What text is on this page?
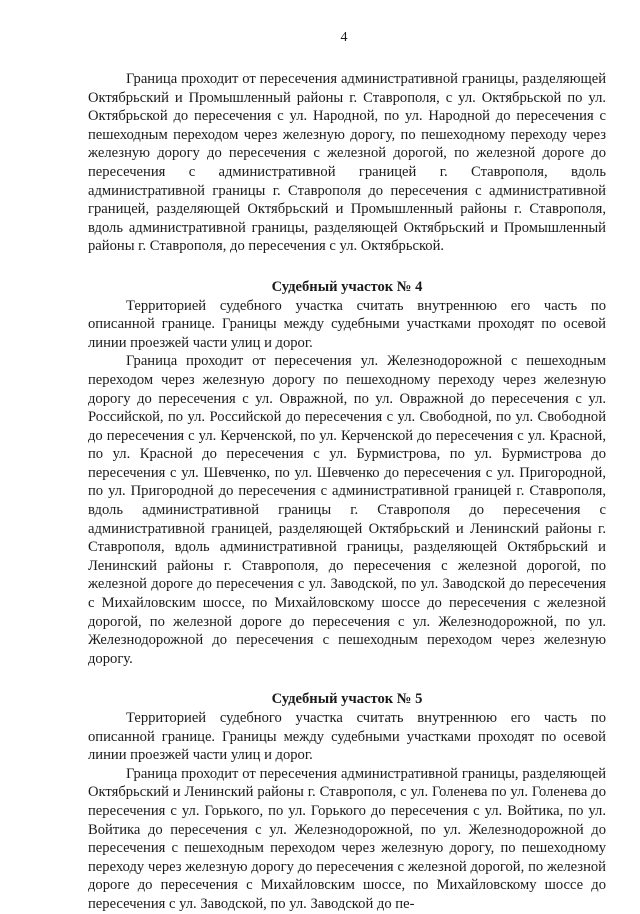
4

Граница проходит от пересечения административной границы, разделяющей Октябрьский и Промышленный районы г. Ставрополя, с ул. Октябрьской по ул. Октябрьской до пересечения с ул. Народной, по ул. Народной до пересечения с пешеходным переходом через железную дорогу, по пешеходному переходу через железную дорогу до пересечения с железной дорогой, по железной дороге до пересечения с административной границей г. Ставрополя, вдоль административной границы г. Ставрополя до пересечения с административной границей, разделяющей Октябрьский и Промышленный районы г. Ставрополя, вдоль административной границы, разделяющей Октябрьский и Промышленный районы г. Ставрополя, до пересечения с ул. Октябрьской.

Судебный участок № 4

Территорией судебного участка считать внутреннюю его часть по описанной границе. Границы между судебными участками проходят по осевой линии проезжей части улиц и дорог.

Граница проходит от пересечения ул. Железнодорожной с пешеходным переходом через железную дорогу по пешеходному переходу через железную дорогу до пересечения с ул. Овражной, по ул. Овражной до пересечения с ул. Российской, по ул. Российской до пересечения с ул. Свободной, по ул. Свободной до пересечения с ул. Керченской, по ул. Керченской до пересечения с ул. Красной, по ул. Красной до пересечения с ул. Бурмистрова, по ул. Бурмистрова до пересечения с ул. Шевченко, по ул. Шевченко до пересечения с ул. Пригородной, по ул. Пригородной до пересечения с административной границей г. Ставрополя, вдоль административной границы г. Ставрополя до пересечения с административной границей, разделяющей Октябрьский и Ленинский районы г. Ставрополя, вдоль административной границы, разделяющей Октябрьский и Ленинский районы г. Ставрополя, до пересечения с железной дорогой, по железной дороге до пересечения с ул. Заводской, по ул. Заводской до пересечения с Михайловским шоссе, по Михайловскому шоссе до пересечения с железной дорогой, по железной дороге до пересечения с ул. Железнодорожной, по ул. Железнодорожной до пересечения с пешеходным переходом через железную дорогу.

Судебный участок № 5

Территорией судебного участка считать внутреннюю его часть по описанной границе. Границы между судебными участками проходят по осевой линии проезжей части улиц и дорог.

Граница проходит от пересечения административной границы, разделяющей Октябрьский и Ленинский районы г. Ставрополя, с ул. Голенева по ул. Голенева до пересечения с ул. Горького, по ул. Горького до пересечения с ул. Войтика, по ул. Войтика до пересечения с ул. Железнодорожной, по ул. Железнодорожной до пересечения с пешеходным переходом через железную дорогу, по пешеходному переходу через железную дорогу до пересечения с железной дорогой, по железной дороге до пересечения с Михайловским шоссе, по Михайловскому шоссе до пересечения с ул. Заводской, по ул. Заводской до пе-
